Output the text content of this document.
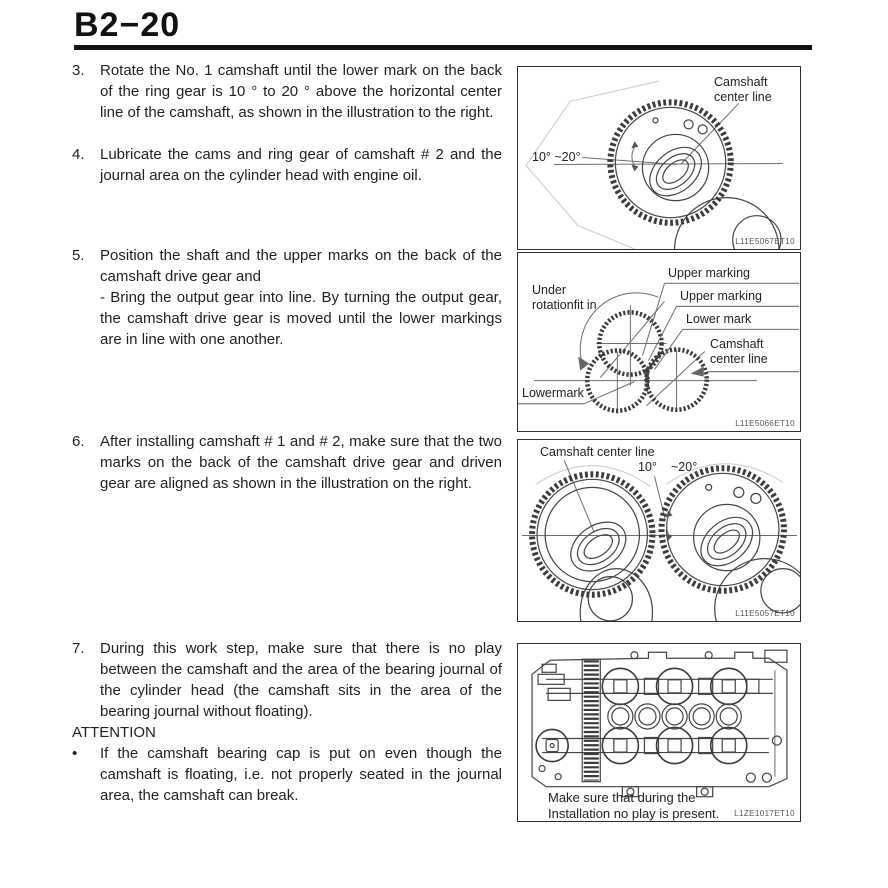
B2−20
3.	Rotate the No. 1 camshaft until the lower mark on the back of the ring gear is 10 ° to 20 ° above the horizontal center line of the camshaft, as shown in the illustration to the right.

4.	Lubricate the cams and ring gear of camshaft # 2 and the journal area on the cylinder head with engine oil.

5.	Position the shaft and the upper marks on the back of the camshaft drive gear and

- Bring the output gear into line. By turning the output gear, the camshaft drive gear is moved until the lower markings are in line with one another.

6.	After installing camshaft # 1 and # 2, make sure that the two marks on the back of the camshaft drive gear and driven gear are aligned as shown in the illustration on the right.

7.	During this work step, make sure that there is no play between the camshaft and the area of the bearing journal of the cylinder head (the camshaft sits in the area of the bearing journal without floating).

ATTENTION
•	If the camshaft bearing cap is put on even though the camshaft is floating, i.e. not properly seated in the journal area, the camshaft can break.

Camshaft center line
10° ~20°
L11E5067ET10
Under rotationfit in
Upper marking
Upper marking
Lower mark
Camshaft center line
Lowermark
L11E5066ET10
Camshaft center line
10° ~20°
L11E5057ET10
Make sure that during the Installation no play is present.	L1ZE1017ET10
